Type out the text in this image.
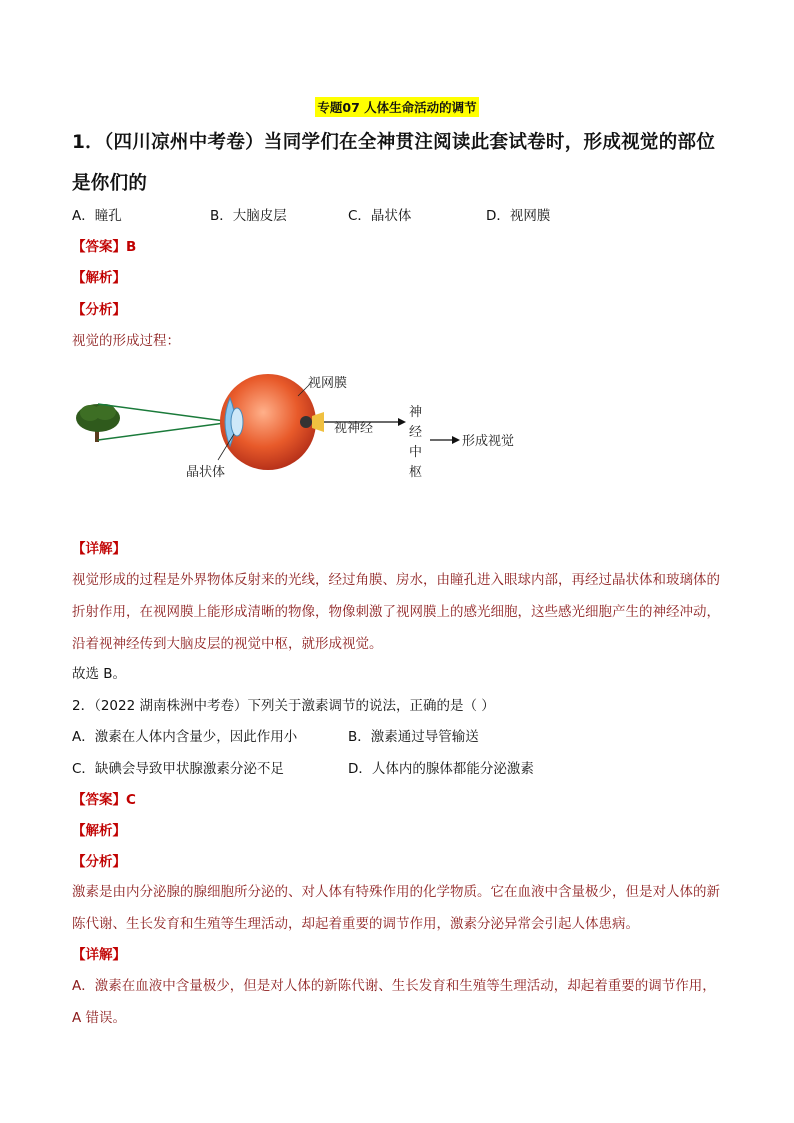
专题07 人体生命活动的调节
1．（四川凉州中考卷）当同学们在全神贯注阅读此套试卷时，形成视觉的部位是你们的
A．瞳孔	B．大脑皮层	C．晶状体	D．视网膜
【答案】B
【解析】
【分析】
视觉的形成过程：
【详解】
视觉形成的过程是外界物体反射来的光线，经过角膜、房水，由瞳孔进入眼球内部，再经过晶状体和玻璃体的折射作用，在视网膜上能形成清晰的物像，物像刺激了视网膜上的感光细胞，这些感光细胞产生的神经冲动，沿着视神经传到大脑皮层的视觉中枢，就形成视觉。
故选 B。
2．（2022 湖南株洲中考卷）下列关于激素调节的说法，正确的是（ ）
A．激素在人体内含量少，因此作用小	B．激素通过导管输送
C．缺碘会导致甲状腺激素分泌不足	D．人体内的腺体都能分泌激素
【答案】C
【解析】
【分析】
激素是由内分泌腺的腺细胞所分泌的、对人体有特殊作用的化学物质。它在血液中含量极少，但是对人体的新陈代谢、生长发育和生殖等生理活动，却起着重要的调节作用，激素分泌异常会引起人体患病。
【详解】
A．激素在血液中含量极少，但是对人体的新陈代谢、生长发育和生殖等生理活动，却起着重要的调节作用，A 错误。
视网膜
视神经
晶状体
神
经
中
枢
形成视觉
